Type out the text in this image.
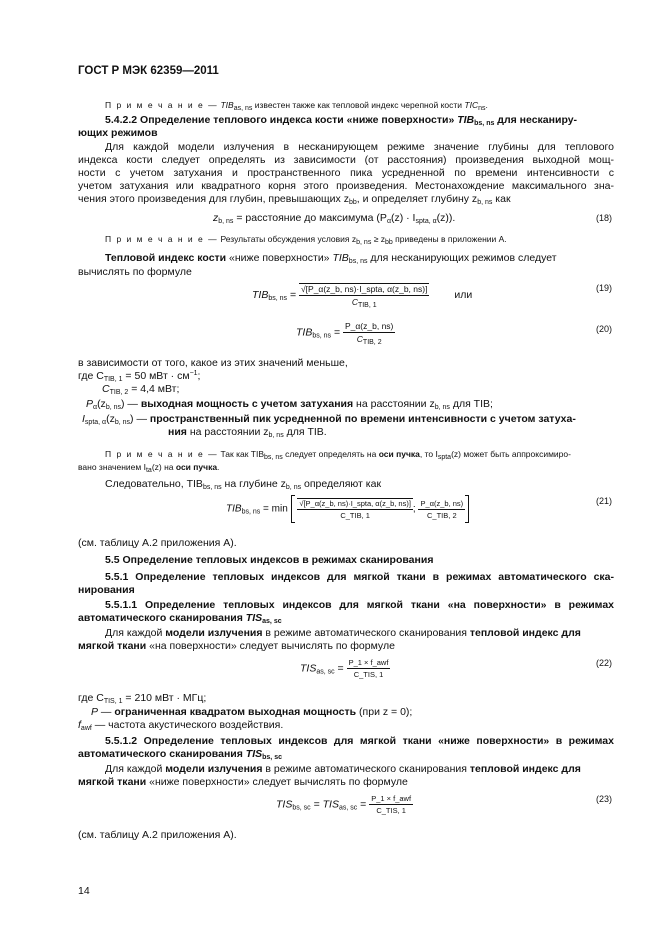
ГОСТ Р МЭК 62359—2011
П р и м е ч а н и е — $TIB_{as, ns}$ известен также как тепловой индекс черепной кости $TIC_{ns}$.
5.4.2.2 Определение теплового индекса кости «ниже поверхности» $TIB_{bs, ns}$ для несканиру-
ющих режимов
Для каждой модели излучения в несканирующем режиме значение глубины для теплового
индекса кости следует определять из зависимости (от расстояния) произведения выходной мощ-
ности с учетом затухания и пространственного пика усредненной по времени интенсивности с
учетом затухания или квадратного корня этого произведения. Местонахождение максимального зна-
чения этого произведения для глубин, превышающих $z_{bb}$, и определяет глубину $z_{b, ns}$ как
$z_{b, ns}$ = расстояние до максимума $(P_\alpha(z) \cdot I_{spta, \alpha}(z))$.	(18)
П р и м е ч а н и е — Результаты обсуждения условия $z_{b, ns} \ge z_{bb}$ приведены в приложении А.
Тепловой индекс кости «ниже поверхности» $TIB_{bs, ns}$ для несканирующих режимов следует
вычислять по формуле
$TIB_{bs, ns} = \frac{\text{√[P\_α(z\_b, ns)·I\_spta, α(z\_b, ns)]}}{C_{TIB, 1}}$ или
(19)
$TIB_{bs, ns} = \frac{P\_\alpha(z\_b, ns)}{C_{TIB, 2}}$	(20)
в зависимости от того, какое из этих значений меньше,
где $C_{TIB, 1} = 50$ мВт · $см^{-1}$;
$C_{TIB, 2} = 4,4$ мВт;
$P_\alpha(z_{b, ns})$ — выходная мощность с учетом затухания на расстоянии $z_{b, ns}$ для TIB;
$I_{spta, \alpha}(z_{b, ns})$ — пространственный пик усредненной по времени интенсивности с учетом затуха-
ния на расстоянии $z_{b, ns}$ для TIB.
П р и м е ч а н и е — Так как $TIB_{bs, ns}$ следует определять на оси пучка, то $I_{spta}(z)$ может быть аппроксимиро-
вано значением $I_{ta}(z)$ на оси пучка.
Следовательно, $TIB_{bs, ns}$ на глубине $z_{b, ns}$ определяют как
$TIB_{bs, ns} = \min \frac{\text{√[P\_α(z\_b, ns)·I\_spta, α(z\_b, ns)]}}{\text{C\_TIB, 1}}$ ; $\frac{P\_\alpha(z\_b, ns)}{\text{C\_TIB, 2}}$	(21)
(см. таблицу А.2 приложения А).
5.5 Определение тепловых индексов в режимах сканирования
5.5.1 Определение тепловых индексов для мягкой ткани в режимах автоматического ска-
нирования
5.5.1.1 Определение тепловых индексов для мягкой ткани «на поверхности» в режимах
автоматического сканирования $TIS_{as, sc}$
Для каждой модели излучения в режиме автоматического сканирования тепловой индекс для
мягкой ткани «на поверхности» следует вычислять по формуле
$TIS_{as, sc} = \frac{\text{P\_1 × f\_awf}}{\text{C\_TIS, 1}}$	(22)
где $C_{TIS, 1} = 210$ мВт · МГц;
P — ограниченная квадратом выходная мощность (при z = 0);
$f_{awf}$ — частота акустического воздействия.
5.5.1.2 Определение тепловых индексов для мягкой ткани «ниже поверхности» в режимах
автоматического сканирования $TIS_{bs, sc}$
Для каждой модели излучения в режиме автоматического сканирования тепловой индекс для
мягкой ткани «ниже поверхности» следует вычислять по формуле
$TIS_{bs, sc} = TIS_{as, sc} = \frac{\text{P\_1 × f\_awf}}{\text{C\_TIS, 1}}$	(23)
(см. таблицу А.2 приложения А).
14
